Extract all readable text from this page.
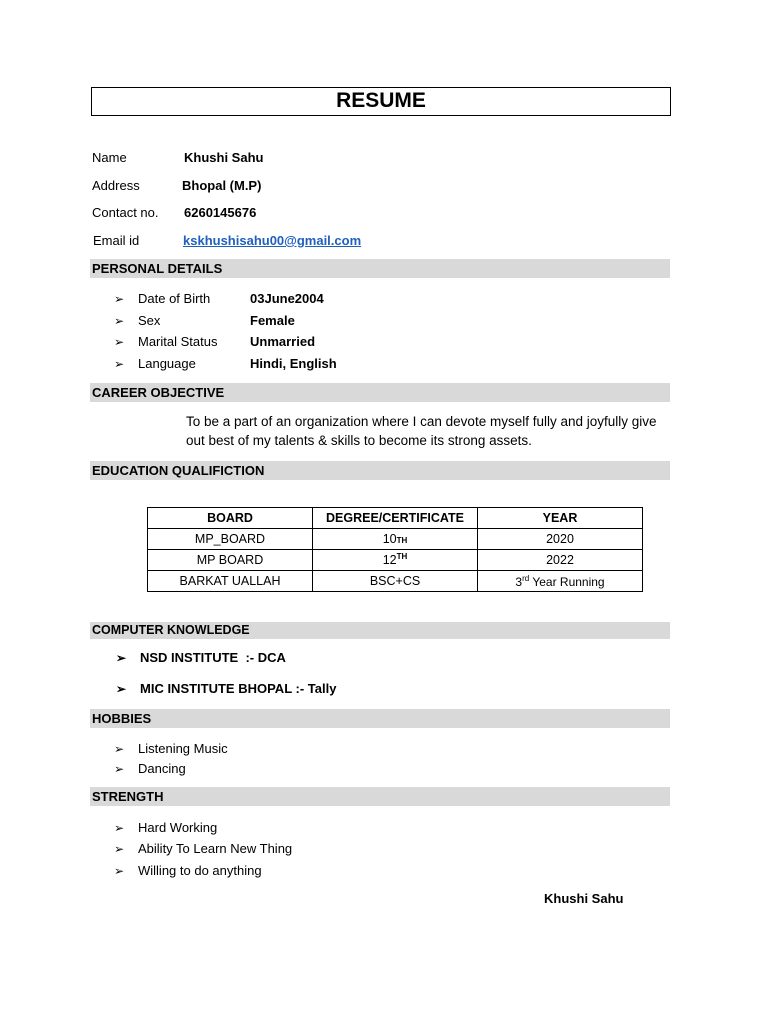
RESUME
Name	Khushi Sahu
Address	Bhopal (M.P)
Contact no. 6260145676
Email id	kskhushisahu00@gmail.com
PERSONAL DETAILS
➢ Date of Birth	03June2004
➢ Sex	Female
➢ Marital Status	Unmarried
➢ Language	Hindi, English
CAREER OBJECTIVE
To be a part of an organization where I can devote myself fully and joyfully give out best of my talents & skills to become its strong assets.
EDUCATION QUALIFICTION
BOARD	DEGREE/CERTIFICATE	YEAR
MP_BOARD	10TH	2020
MP BOARD	12TH	2022
BARKAT UALLAH	BSC+CS	3rd Year Running
COMPUTER KNOWLEDGE
➢ NSD INSTITUTE  :- DCA
➢ MIC INSTITUTE BHOPAL :- Tally
HOBBIES
➢ Listening Music
➢ Dancing
STRENGTH
➢ Hard Working
➢ Ability To Learn New Thing
➢ Willing to do anything
Khushi Sahu
